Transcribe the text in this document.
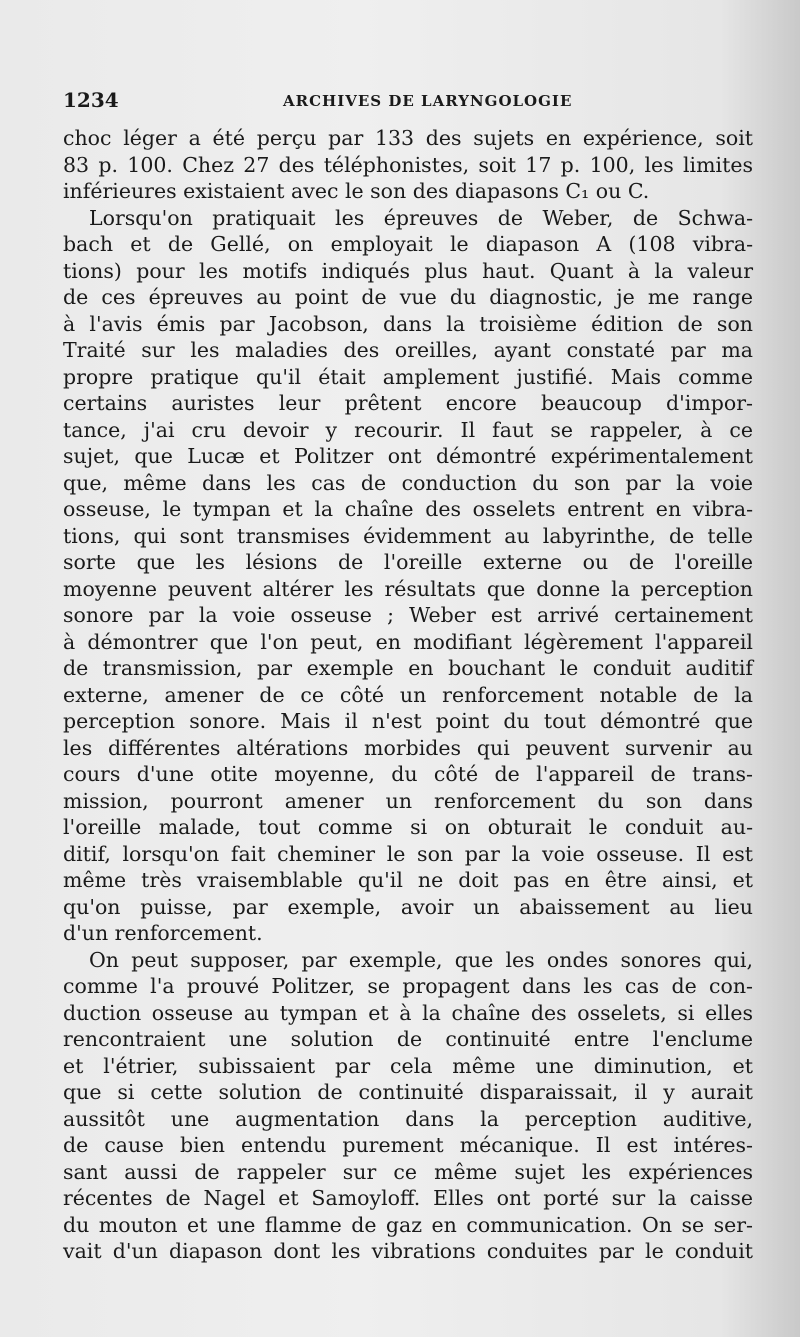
1234	ARCHIVES DE LARYNGOLOGIE
choc léger a été perçu par 133 des sujets en expérience, soit
83 p. 100. Chez 27 des téléphonistes, soit 17 p. 100, les limites
inférieures existaient avec le son des diapasons C₁ ou C.
Lorsqu'on pratiquait les épreuves de Weber, de Schwa-
bach et de Gellé, on employait le diapason A (108 vibra-
tions) pour les motifs indiqués plus haut. Quant à la valeur
de ces épreuves au point de vue du diagnostic, je me range
à l'avis émis par Jacobson, dans la troisième édition de son
Traité sur les maladies des oreilles, ayant constaté par ma
propre pratique qu'il était amplement justifié. Mais comme
certains auristes leur prêtent encore beaucoup d'impor-
tance, j'ai cru devoir y recourir. Il faut se rappeler, à ce
sujet, que Lucæ et Politzer ont démontré expérimentalement
que, même dans les cas de conduction du son par la voie
osseuse, le tympan et la chaîne des osselets entrent en vibra-
tions, qui sont transmises évidemment au labyrinthe, de telle
sorte que les lésions de l'oreille externe ou de l'oreille
moyenne peuvent altérer les résultats que donne la perception
sonore par la voie osseuse ; Weber est arrivé certainement
à démontrer que l'on peut, en modifiant légèrement l'appareil
de transmission, par exemple en bouchant le conduit auditif
externe, amener de ce côté un renforcement notable de la
perception sonore. Mais il n'est point du tout démontré que
les différentes altérations morbides qui peuvent survenir au
cours d'une otite moyenne, du côté de l'appareil de trans-
mission, pourront amener un renforcement du son dans
l'oreille malade, tout comme si on obturait le conduit au-
ditif, lorsqu'on fait cheminer le son par la voie osseuse. Il est
même très vraisemblable qu'il ne doit pas en être ainsi, et
qu'on puisse, par exemple, avoir un abaissement au lieu
d'un renforcement.
On peut supposer, par exemple, que les ondes sonores qui,
comme l'a prouvé Politzer, se propagent dans les cas de con-
duction osseuse au tympan et à la chaîne des osselets, si elles
rencontraient une solution de continuité entre l'enclume
et l'étrier, subissaient par cela même une diminution, et
que si cette solution de continuité disparaissait, il y aurait
aussitôt une augmentation dans la perception auditive,
de cause bien entendu purement mécanique. Il est intéres-
sant aussi de rappeler sur ce même sujet les expériences
récentes de Nagel et Samoyloff. Elles ont porté sur la caisse
du mouton et une flamme de gaz en communication. On se ser-
vait d'un diapason dont les vibrations conduites par le conduit
